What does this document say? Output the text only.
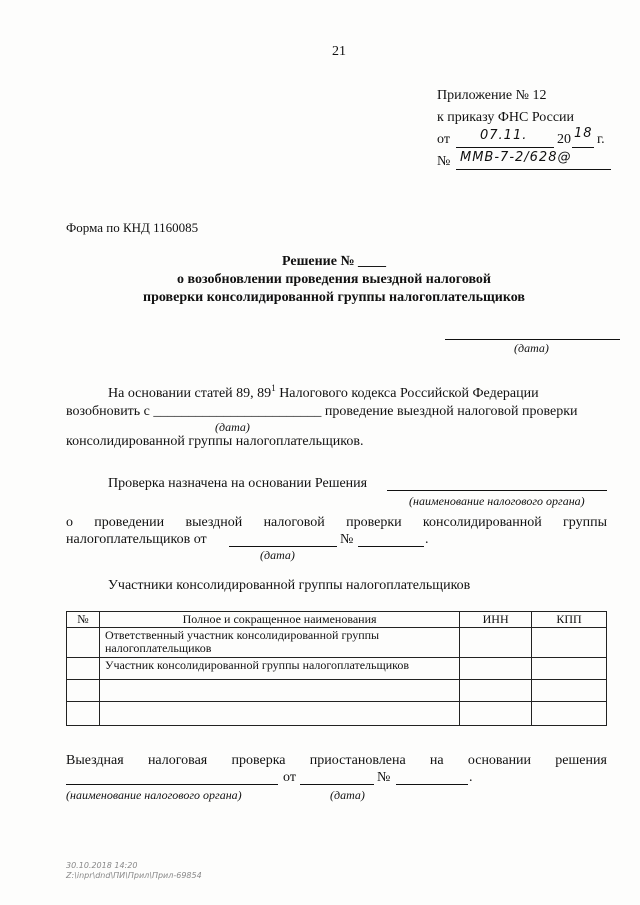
21
Приложение № 12
к приказу ФНС России
от 07.11. 20 18 г.
№ ММВ-7-2/628@
Форма по КНД 1160085
Решение № ____
о возобновлении проведения выездной налоговой
проверки консолидированной группы налогоплательщиков
(дата)
На основании статей 89, $89^1$ Налогового кодекса Российской Федерации
возобновить с ________________________ проведение выездной налоговой проверки
(дата)
консолидированной группы налогоплательщиков.
Проверка назначена на основании Решения
(наименование налогового органа)
о проведении выездной налоговой проверки консолидированной группы
налогоплательщиков от	№	.
(дата)
Участники консолидированной группы налогоплательщиков
№	Полное и сокращенное наименования	ИНН	КПП
	Ответственный участник консолидированной группы налогоплательщиков		
	Участник консолидированной группы налогоплательщиков		

Выездная налоговая проверка приостановлена на основании решения
от	№	.
(наименование налогового органа)	(дата)
30.10.2018 14:20
Z:\inpr\dnd\ПИ\Прил\Прил-69854
